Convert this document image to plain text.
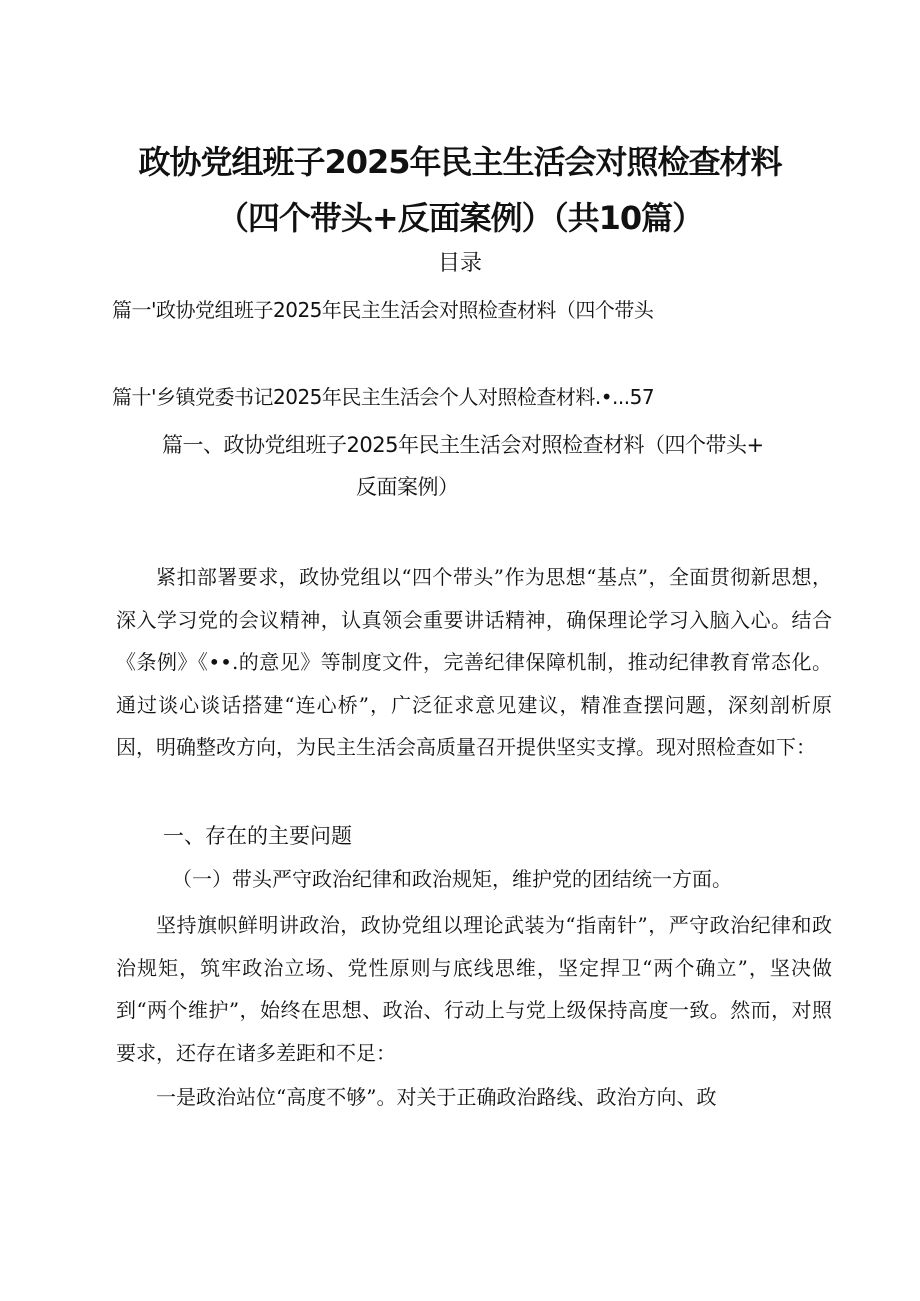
政协党组班子2025年民主生活会对照检查材料
（四个带头+反面案例）（共10篇）
目录
篇一'政协党组班子2025年民主生活会对照检查材料（四个带头
篇十'乡镇党委书记2025年民主生活会个人对照检查材料.•...57
篇一、政协党组班子2025年民主生活会对照检查材料（四个带头+
反面案例）

紧扣部署要求，政协党组以“四个带头”作为思想“基点”，全面贯彻新思想，深入学习党的会议精神，认真领会重要讲话精神，确保理论学习入脑入心。结合《条例》《••.的意见》等制度文件，完善纪律保障机制，推动纪律教育常态化。通过谈心谈话搭建“连心桥”，广泛征求意见建议，精准查摆问题，深刻剖析原因，明确整改方向，为民主生活会高质量召开提供坚实支撑。现对照检查如下：

一、存在的主要问题
（一）带头严守政治纪律和政治规矩，维护党的团结统一方面。

坚持旗帜鲜明讲政治，政协党组以理论武装为“指南针”，严守政治纪律和政治规矩，筑牢政治立场、党性原则与底线思维，坚定捍卫“两个确立”，坚决做到“两个维护”，始终在思想、政治、行动上与党上级保持高度一致。然而，对照要求，还存在诸多差距和不足：

一是政治站位“高度不够”。对关于正确政治路线、政治方向、政
